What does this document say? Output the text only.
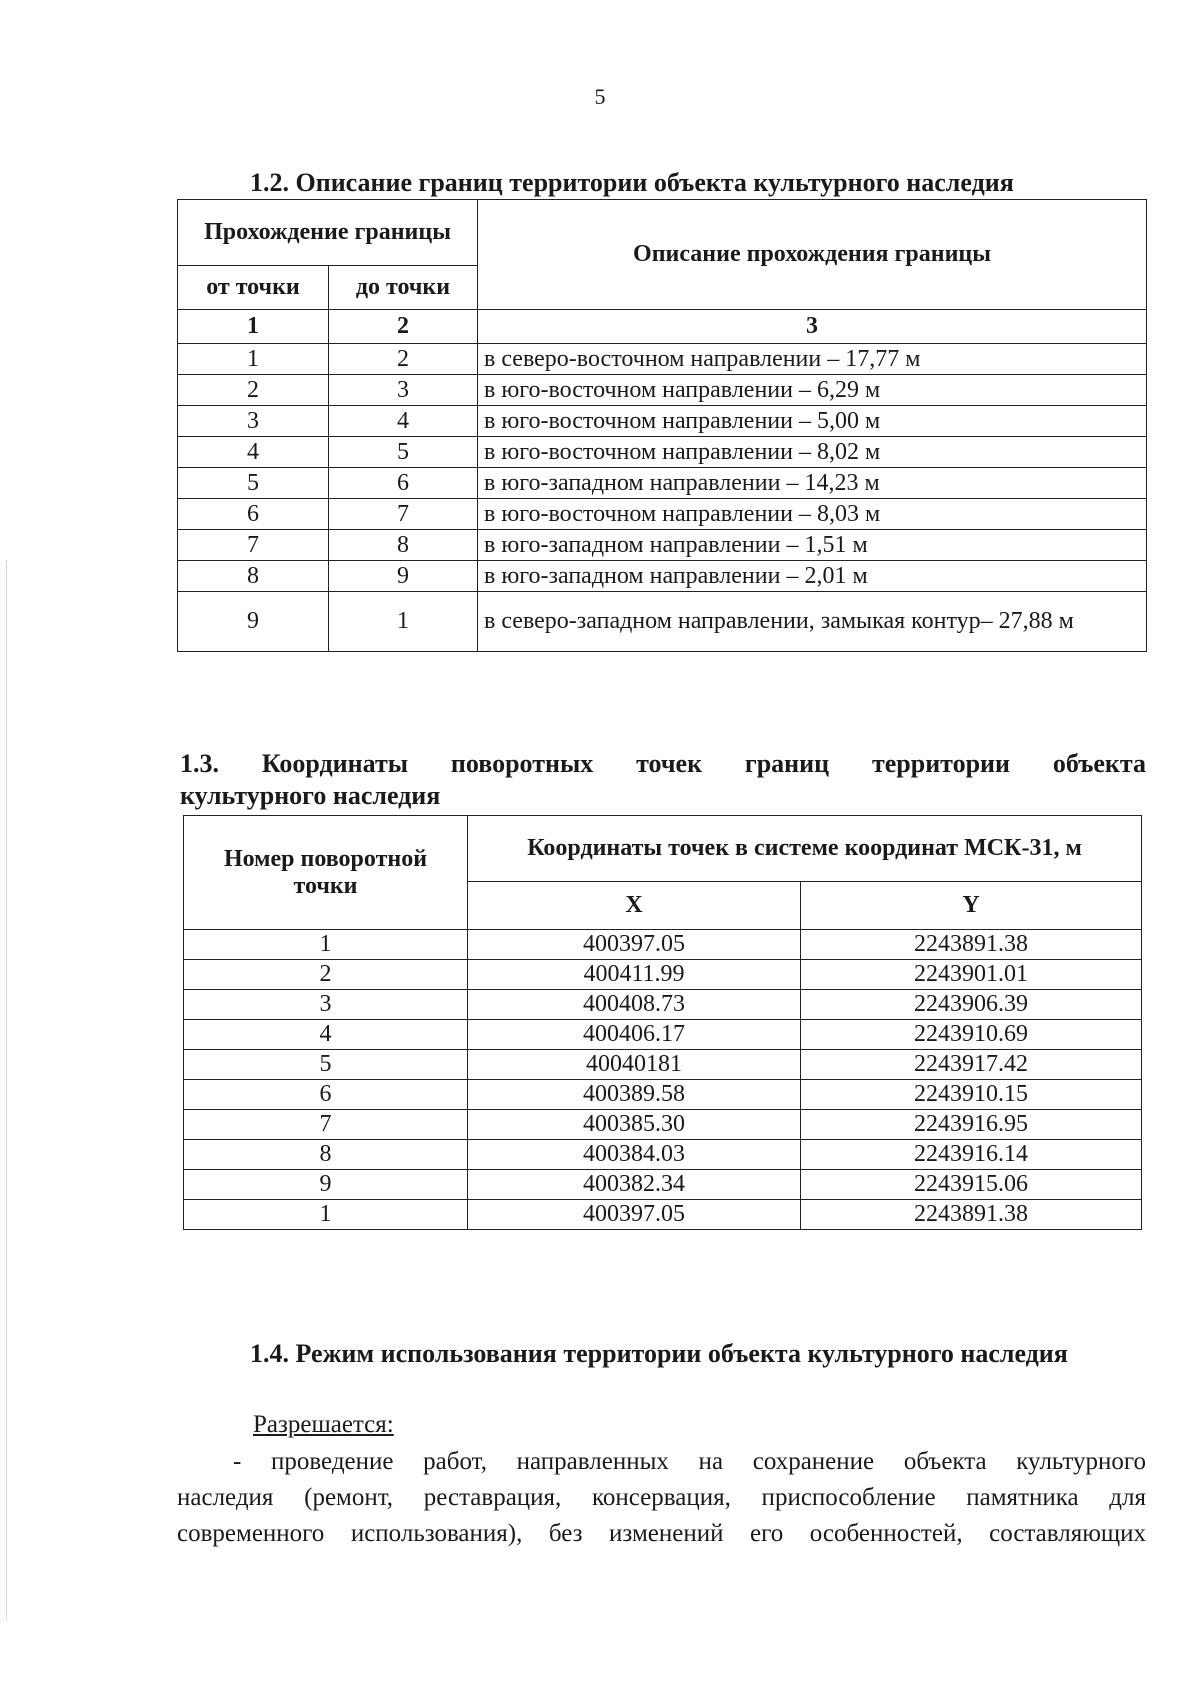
5
1.2. Описание границ территории объекта культурного наследия
Прохождение границы		Описание прохождения границы
от точки	до точки	
1	2	3
1	2	в северо-восточном направлении – 17,77 м
2	3	в юго-восточном направлении – 6,29 м
3	4	в юго-восточном направлении – 5,00 м
4	5	в юго-восточном направлении – 8,02 м
5	6	в юго-западном направлении – 14,23 м
6	7	в юго-восточном направлении – 8,03 м
7	8	в юго-западном направлении – 1,51 м
8	9	в юго-западном направлении – 2,01 м
9	1	в северо-западном направлении, замыкая контур– 27,88 м
1.3. Координаты поворотных точек границ территории объекта
культурного наследия
Номер поворотной точки	Координаты точек в системе координат МСК-31, м	
	X	Y
1	400397.05	2243891.38
2	400411.99	2243901.01
3	400408.73	2243906.39
4	400406.17	2243910.69
5	40040181	2243917.42
6	400389.58	2243910.15
7	400385.30	2243916.95
8	400384.03	2243916.14
9	400382.34	2243915.06
1	400397.05	2243891.38
1.4. Режим использования территории объекта культурного наследия
Разрешается:
- проведение работ, направленных на сохранение объекта культурного
наследия (ремонт, реставрация, консервация, приспособление памятника для
современного использования), без изменений его особенностей, составляющих
